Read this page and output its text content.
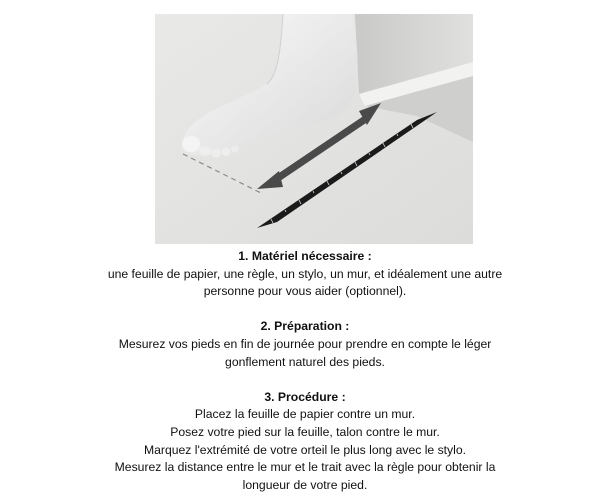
1. Matériel nécessaire :
une feuille de papier, une règle, un stylo, un mur, et idéalement une autre
personne pour vous aider (optionnel).
2. Préparation :
Mesurez vos pieds en fin de journée pour prendre en compte le léger
gonflement naturel des pieds.
3. Procédure :
Placez la feuille de papier contre un mur.
Posez votre pied sur la feuille, talon contre le mur.
Marquez l'extrémité de votre orteil le plus long avec le stylo.
Mesurez la distance entre le mur et le trait avec la règle pour obtenir la
longueur de votre pied.
